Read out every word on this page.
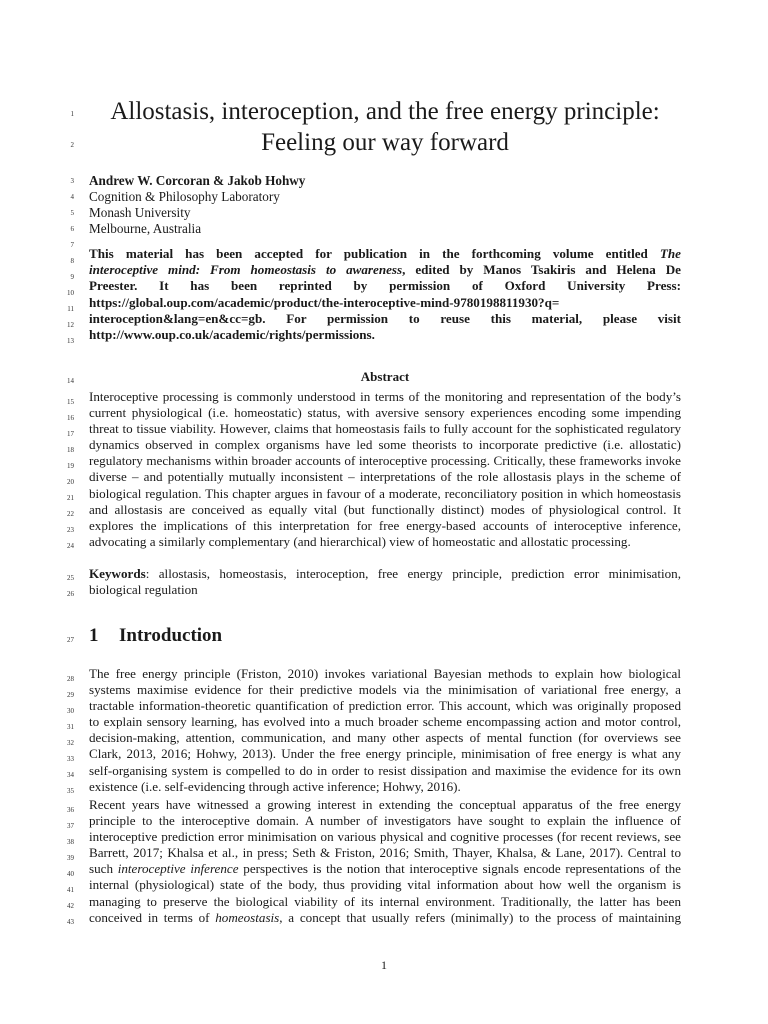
1
2
3
4
5
6
7
8
9
10
11
12
13
14
15
16
17
18
19
20
21
22
23
24
25
26
27
28
29
30
31
32
33
34
35
36
37
38
39
40
41
42
43
Allostasis, interoception, and the free energy principle:
Feeling our way forward
Andrew W. Corcoran & Jakob Hohwy
Cognition & Philosophy Laboratory
Monash University
Melbourne, Australia
This material has been accepted for publication in the forthcoming volume entitled The
interoceptive mind: From homeostasis to awareness, edited by Manos Tsakiris and Helena De
Preester. It has been reprinted by permission of Oxford University Press:
https://global.oup.com/academic/product/the-interoceptive-mind-9780198811930?q=
interoception&lang=en&cc=gb. For permission to reuse this material, please visit
http://www.oup.co.uk/academic/rights/permissions.
Abstract
Interoceptive processing is commonly understood in terms of the monitoring and representation of the body’s
current physiological (i.e. homeostatic) status, with aversive sensory experiences encoding some impending
threat to tissue viability. However, claims that homeostasis fails to fully account for the sophisticated regulatory
dynamics observed in complex organisms have led some theorists to incorporate predictive (i.e. allostatic)
regulatory mechanisms within broader accounts of interoceptive processing. Critically, these frameworks invoke
diverse – and potentially mutually inconsistent – interpretations of the role allostasis plays in the scheme of
biological regulation. This chapter argues in favour of a moderate, reconciliatory position in which homeostasis
and allostasis are conceived as equally vital (but functionally distinct) modes of physiological control. It
explores the implications of this interpretation for free energy-based accounts of interoceptive inference,
advocating a similarly complementary (and hierarchical) view of homeostatic and allostatic processing.
Keywords: allostasis, homeostasis, interoception, free energy principle, prediction error minimisation,
biological regulation
1 Introduction
The free energy principle (Friston, 2010) invokes variational Bayesian methods to explain how biological
systems maximise evidence for their predictive models via the minimisation of variational free energy, a
tractable information-theoretic quantification of prediction error. This account, which was originally proposed
to explain sensory learning, has evolved into a much broader scheme encompassing action and motor control,
decision-making, attention, communication, and many other aspects of mental function (for overviews see
Clark, 2013, 2016; Hohwy, 2013). Under the free energy principle, minimisation of free energy is what any
self-organising system is compelled to do in order to resist dissipation and maximise the evidence for its own
existence (i.e. self-evidencing through active inference; Hohwy, 2016).
Recent years have witnessed a growing interest in extending the conceptual apparatus of the free energy
principle to the interoceptive domain. A number of investigators have sought to explain the influence of
interoceptive prediction error minimisation on various physical and cognitive processes (for recent reviews, see
Barrett, 2017; Khalsa et al., in press; Seth & Friston, 2016; Smith, Thayer, Khalsa, & Lane, 2017). Central to
such interoceptive inference perspectives is the notion that interoceptive signals encode representations of the
internal (physiological) state of the body, thus providing vital information about how well the organism is
managing to preserve the biological viability of its internal environment. Traditionally, the latter has been
conceived in terms of homeostasis, a concept that usually refers (minimally) to the process of maintaining
1
